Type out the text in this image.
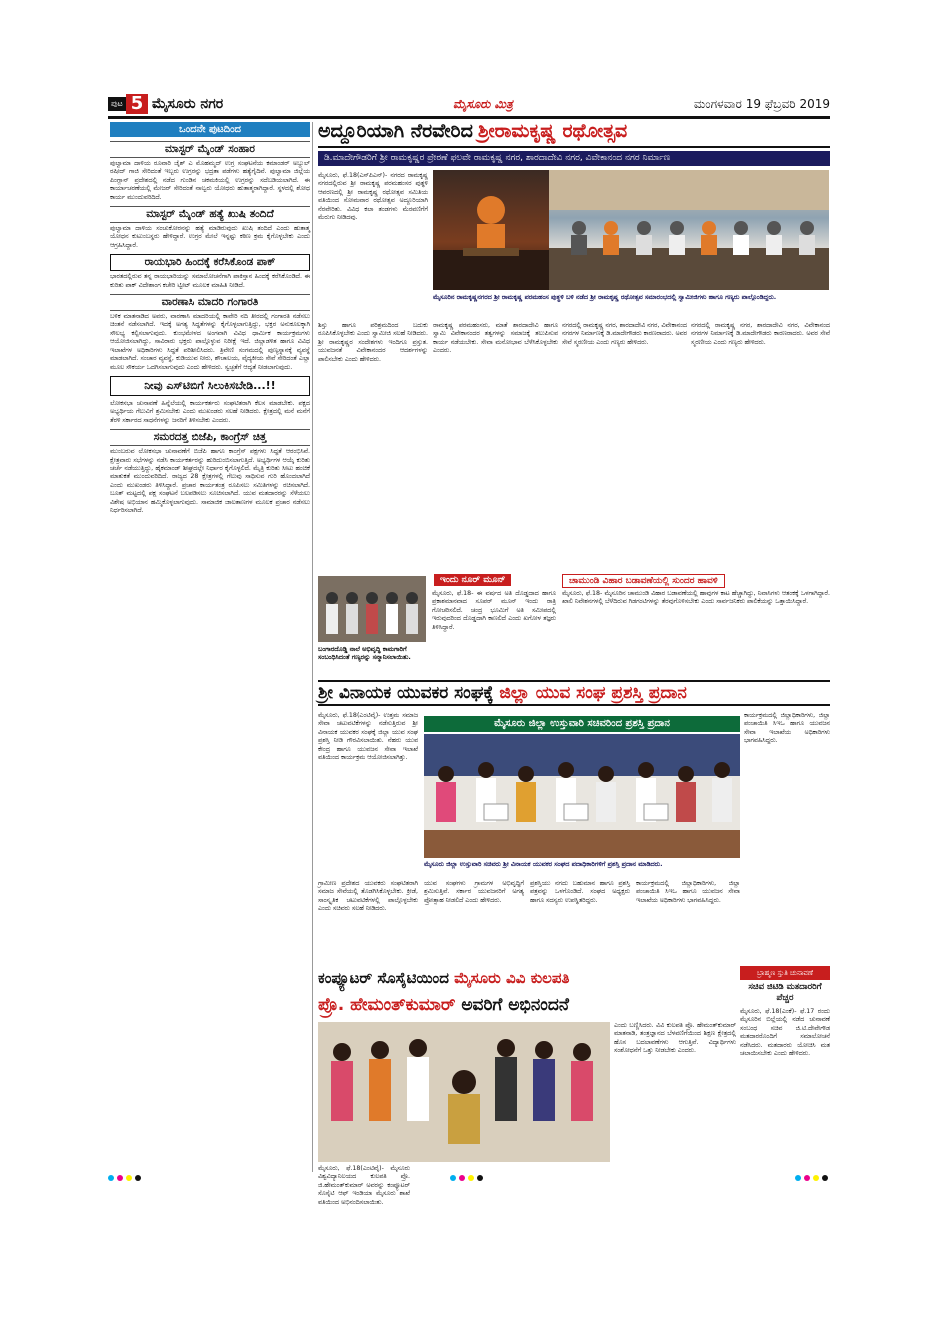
ಪುಟ 5 ಮೈಸೂರು ನಗರ	ಮೈಸೂರು ಮಿತ್ರ	ಮಂಗಳವಾರ 19 ಫೆಬ್ರವರಿ 2019
ಒಂದನೇ ಪುಟದಿಂದ
ಮಾಸ್ಟರ್ ಮೈಂಡ್ ಸಂಹಾರ

ಪುಲ್ವಾಮಾ ದಾಳಿಯ ರೂವಾರಿ ಜೈಶ್ ಎ ಮೊಹಮ್ಮದ್ ಉಗ್ರ ಸಂಘಟನೆಯ ಕಮಾಂಡರ್ ಅಬ್ದುಲ್ ರಷೀದ್ ಗಾಜಿ ಸೇರಿದಂತೆ ಇಬ್ಬರು ಉಗ್ರರನ್ನು ಭದ್ರತಾ ಪಡೆಗಳು ಹತ್ಯೆಗೈದಿವೆ. ಪುಲ್ವಾಮಾ ಜಿಲ್ಲೆಯ ಪಿಂಗ್ಲಾನ್ ಪ್ರದೇಶದಲ್ಲಿ ನಡೆದ ಗುಂಡಿನ ಚಕಮಕಿಯಲ್ಲಿ ಉಗ್ರರನ್ನು ಸದೆಬಡಿಯಲಾಗಿದೆ. ಈ ಕಾರ್ಯಾಚರಣೆಯಲ್ಲಿ ಮೇಜರ್ ಸೇರಿದಂತೆ ನಾಲ್ವರು ಯೋಧರು ಹುತಾತ್ಮರಾಗಿದ್ದಾರೆ. ಸ್ಥಳದಲ್ಲಿ ಶೋಧ ಕಾರ್ಯ ಮುಂದುವರಿದಿದೆ.

ಮಾಸ್ಟರ್ ಮೈಂಡ್ ಹತ್ಯೆ ಖುಷಿ ತಂದಿದೆ

ಪುಲ್ವಾಮಾ ದಾಳಿಯ ಸಂಚುಕೋರನನ್ನು ಹತ್ಯೆ ಮಾಡಿರುವುದು ಖುಷಿ ತಂದಿದೆ ಎಂದು ಹುತಾತ್ಮ ಯೋಧನ ಕುಟುಂಬಸ್ಥರು ಹೇಳಿದ್ದಾರೆ. ಉಗ್ರರ ಮೇಲೆ ಇನ್ನಷ್ಟು ಕಠಿಣ ಕ್ರಮ ಕೈಗೊಳ್ಳಬೇಕು ಎಂದು ಆಗ್ರಹಿಸಿದ್ದಾರೆ.

ರಾಯಭಾರಿ ಹಿಂದಕ್ಕೆ ಕರೆಸಿಕೊಂಡ ಪಾಕ್

ಭಾರತದಲ್ಲಿರುವ ತನ್ನ ರಾಯಭಾರಿಯನ್ನು ಸಮಾಲೋಚನೆಗಾಗಿ ಪಾಕಿಸ್ತಾನ ಹಿಂದಕ್ಕೆ ಕರೆಸಿಕೊಂಡಿದೆ. ಈ ಕುರಿತು ಪಾಕ್ ವಿದೇಶಾಂಗ ಕಚೇರಿ ಟ್ವೀಟ್ ಮೂಲಕ ಮಾಹಿತಿ ನೀಡಿದೆ.

ವಾರಣಾಸಿ ಮಾದರಿ ಗಂಗಾರತಿ

ಬಳಿಕ ಮಾತನಾಡಿದ ಅವರು, ವಾರಣಾಸಿ ಮಾದರಿಯಲ್ಲಿ ಕಾವೇರಿ ನದಿ ತೀರದಲ್ಲಿ ಗಂಗಾರತಿ ನಡೆಸಲು ಚಿಂತನೆ ನಡೆಸಲಾಗಿದೆ. ಇದಕ್ಕೆ ಅಗತ್ಯ ಸಿದ್ಧತೆಗಳನ್ನು ಕೈಗೊಳ್ಳಲಾಗುತ್ತಿದ್ದು, ಭಕ್ತರ ಅನುಕೂಲಕ್ಕಾಗಿ ಸೌಲಭ್ಯ ಕಲ್ಪಿಸಲಾಗುವುದು. ಕುಂಭಮೇಳದ ಅಂಗವಾಗಿ ವಿವಿಧ ಧಾರ್ಮಿಕ ಕಾರ್ಯಕ್ರಮಗಳು ಆಯೋಜಿಸಲಾಗಿದ್ದು, ಸಾವಿರಾರು ಭಕ್ತರು ಪಾಲ್ಗೊಳ್ಳುವ ನಿರೀಕ್ಷೆ ಇದೆ. ಜಿಲ್ಲಾಡಳಿತ ಹಾಗೂ ವಿವಿಧ ಇಲಾಖೆಗಳ ಅಧಿಕಾರಿಗಳು ಸಿದ್ಧತೆ ಪರಿಶೀಲಿಸಿದರು. ತ್ರಿವೇಣಿ ಸಂಗಮದಲ್ಲಿ ಪುಣ್ಯಸ್ನಾನಕ್ಕೆ ವ್ಯವಸ್ಥೆ ಮಾಡಲಾಗಿದೆ. ಸಂಚಾರ ವ್ಯವಸ್ಥೆ, ಕುಡಿಯುವ ನೀರು, ಶೌಚಾಲಯ, ವೈದ್ಯಕೀಯ ಸೇವೆ ಸೇರಿದಂತೆ ಎಲ್ಲಾ ಮೂಲ ಸೌಕರ್ಯ ಒದಗಿಸಲಾಗುವುದು ಎಂದು ಹೇಳಿದರು. ಸ್ವಚ್ಛತೆಗೆ ಆದ್ಯತೆ ನೀಡಲಾಗುವುದು.

ನೀವು ಎಸ್‌ಟಿಬಿಗೆ ಸಿಲುಕಿಸಬೇಡಿ...!!

ಲೋಕಸಭಾ ಚುನಾವಣೆ ಹಿನ್ನೆಲೆಯಲ್ಲಿ ಕಾರ್ಯಕರ್ತರು ಸಂಘಟಿತರಾಗಿ ಕೆಲಸ ಮಾಡಬೇಕು. ಪಕ್ಷದ ಅಭ್ಯರ್ಥಿಯ ಗೆಲುವಿಗೆ ಶ್ರಮಿಸಬೇಕು ಎಂದು ಮುಖಂಡರು ಸಲಹೆ ನೀಡಿದರು. ಕ್ಷೇತ್ರದಲ್ಲಿ ಮನೆ ಮನೆಗೆ ತೆರಳಿ ಸರ್ಕಾರದ ಸಾಧನೆಗಳನ್ನು ಜನರಿಗೆ ತಿಳಿಸಬೇಕು ಎಂದರು.

ಸಮರದತ್ತ ಬಿಜೆಪಿ, ಕಾಂಗ್ರೆಸ್ ಚಿತ್ತ

ಮುಂಬರುವ ಲೋಕಸಭಾ ಚುನಾವಣೆಗೆ ಬಿಜೆಪಿ ಹಾಗೂ ಕಾಂಗ್ರೆಸ್ ಪಕ್ಷಗಳು ಸಿದ್ಧತೆ ಆರಂಭಿಸಿವೆ. ಕ್ಷೇತ್ರವಾರು ಸಭೆಗಳನ್ನು ನಡೆಸಿ ಕಾರ್ಯಕರ್ತರನ್ನು ಹುರಿದುಂಬಿಸಲಾಗುತ್ತಿದೆ. ಅಭ್ಯರ್ಥಿಗಳ ಆಯ್ಕೆ ಕುರಿತು ಚರ್ಚೆ ನಡೆಯುತ್ತಿದ್ದು, ಹೈಕಮಾಂಡ್ ಶೀಘ್ರದಲ್ಲೇ ನಿರ್ಧಾರ ಕೈಗೊಳ್ಳಲಿದೆ. ಮೈತ್ರಿ ಕುರಿತು ಸೀಟು ಹಂಚಿಕೆ ಮಾತುಕತೆ ಮುಂದುವರಿದಿದೆ. ರಾಜ್ಯದ 28 ಕ್ಷೇತ್ರಗಳಲ್ಲಿ ಗೆಲುವು ಸಾಧಿಸುವ ಗುರಿ ಹೊಂದಲಾಗಿದೆ ಎಂದು ಮುಖಂಡರು ತಿಳಿಸಿದ್ದಾರೆ. ಪ್ರಚಾರ ಕಾರ್ಯತಂತ್ರ ರೂಪಿಸಲು ಸಮಿತಿಗಳನ್ನು ರಚಿಸಲಾಗಿದೆ. ಬೂತ್ ಮಟ್ಟದಲ್ಲಿ ಪಕ್ಷ ಸಂಘಟನೆ ಬಲಪಡಿಸಲು ಸೂಚಿಸಲಾಗಿದೆ. ಯುವ ಮತದಾರರನ್ನು ಸೆಳೆಯಲು ವಿಶೇಷ ಅಭಿಯಾನ ಹಮ್ಮಿಕೊಳ್ಳಲಾಗುವುದು. ಸಾಮಾಜಿಕ ಜಾಲತಾಣಗಳ ಮೂಲಕ ಪ್ರಚಾರ ನಡೆಸಲು ನಿರ್ಧರಿಸಲಾಗಿದೆ.

ಅದ್ದೂರಿಯಾಗಿ ನೆರವೇರಿದ ಶ್ರೀರಾಮಕೃಷ್ಣ ರಥೋತ್ಸವ
ಡಿ.ಮಾದೇಗೌಡರಿಗೆ ಶ್ರೀ ರಾಮಕೃಷ್ಣರ ಪ್ರೇರಣೆ ಫಲವೇ ರಾಮಕೃಷ್ಣ ನಗರ, ಶಾರದಾದೇವಿ ನಗರ, ವಿವೇಕಾನಂದ ನಗರ ನಿರ್ಮಾಣ
ಮೈಸೂರು, ಫೆ.18(ಎಸ್‌ಪಿಎನ್)- ನಗರದ ರಾಮಕೃಷ್ಣ ನಗರದಲ್ಲಿರುವ ಶ್ರೀ ರಾಮಕೃಷ್ಣ ಪರಮಹಂಸರ ಪುತ್ಥಳಿ ಆವರಣದಲ್ಲಿ ಶ್ರೀ ರಾಮಕೃಷ್ಣ ರಥೋತ್ಸವ ಸಮಿತಿಯ ವತಿಯಿಂದ ಸೋಮವಾರ ರಥೋತ್ಸವ ಅದ್ದೂರಿಯಾಗಿ ನೆರವೇರಿತು. ವಿವಿಧ ಕಲಾ ತಂಡಗಳು ಮೆರವಣಿಗೆಗೆ ಮೆರುಗು ನೀಡಿದವು.
ಮೈಸೂರಿನ ರಾಮಕೃಷ್ಣನಗರದ ಶ್ರೀ ರಾಮಕೃಷ್ಣ ಪರಮಹಂಸ ಪುತ್ಥಳಿ ಬಳಿ ನಡೆದ ಶ್ರೀ ರಾಮಕೃಷ್ಣ ರಥೋತ್ಸವ ಸಮಾರಂಭದಲ್ಲಿ ಸ್ವಾಮೀಜಿಗಳು ಹಾಗೂ ಗಣ್ಯರು ಪಾಲ್ಗೊಂಡಿದ್ದರು.
ಶಿಸ್ತು ಹಾಗೂ ಪರಿಶ್ರಮದಿಂದ ಬದುಕು ರೂಪಿಸಿಕೊಳ್ಳಬೇಕು ಎಂದು ಸ್ವಾಮೀಜಿ ಸಲಹೆ ನೀಡಿದರು. ಶ್ರೀ ರಾಮಕೃಷ್ಣರ ಸಂದೇಶಗಳು ಇಂದಿಗೂ ಪ್ರಸ್ತುತ. ಯುವಜನತೆ ವಿವೇಕಾನಂದರ ಆದರ್ಶಗಳನ್ನು ಪಾಲಿಸಬೇಕು ಎಂದು ಹೇಳಿದರು.
ರಾಮಕೃಷ್ಣ ಪರಮಹಂಸರು, ಮಾತೆ ಶಾರದಾದೇವಿ ಹಾಗೂ ಸ್ವಾಮಿ ವಿವೇಕಾನಂದರ ತತ್ವಗಳನ್ನು ಸಮಾಜಕ್ಕೆ ತಲುಪಿಸುವ ಕಾರ್ಯ ನಡೆಯಬೇಕು. ಸೇವಾ ಮನೋಭಾವ ಬೆಳೆಸಿಕೊಳ್ಳಬೇಕು ಎಂದರು.
ನಗರದಲ್ಲಿ ರಾಮಕೃಷ್ಣ ನಗರ, ಶಾರದಾದೇವಿ ನಗರ, ವಿವೇಕಾನಂದ ನಗರಗಳ ನಿರ್ಮಾಣಕ್ಕೆ ಡಿ.ಮಾದೇಗೌಡರು ಕಾರಣರಾದರು. ಅವರ ಸೇವೆ ಸ್ಮರಣೀಯ ಎಂದು ಗಣ್ಯರು ಹೇಳಿದರು.
ನಗರದಲ್ಲಿ ರಾಮಕೃಷ್ಣ ನಗರ, ಶಾರದಾದೇವಿ ನಗರ, ವಿವೇಕಾನಂದ ನಗರಗಳ ನಿರ್ಮಾಣಕ್ಕೆ ಡಿ.ಮಾದೇಗೌಡರು ಕಾರಣರಾದರು. ಅವರ ಸೇವೆ ಸ್ಮರಣೀಯ ಎಂದು ಗಣ್ಯರು ಹೇಳಿದರು.
ಬಂಗಾರದೊಡ್ಡಿ ನಾಲೆ ಅಭಿವೃದ್ಧಿ ಕಾಮಗಾರಿಗೆ ಸಂಬಂಧಿಸಿದಂತೆ ಗಣ್ಯರನ್ನು ಸನ್ಮಾನಿಸಲಾಯಿತು.
ಇಂದು ನೂರ್ ಮೂನ್
ಮೈಸೂರು, ಫೆ.18- ಈ ವರ್ಷದ ಅತಿ ದೊಡ್ಡದಾದ ಹಾಗೂ ಪ್ರಕಾಶಮಾನವಾದ ಸೂಪರ್ ಮೂನ್ ಇಂದು ರಾತ್ರಿ ಗೋಚರಿಸಲಿದೆ. ಚಂದ್ರ ಭೂಮಿಗೆ ಅತಿ ಸಮೀಪದಲ್ಲಿ ಇರುವುದರಿಂದ ದೊಡ್ಡದಾಗಿ ಕಾಣಲಿದೆ ಎಂದು ಖಗೋಳ ತಜ್ಞರು ತಿಳಿಸಿದ್ದಾರೆ.
ಚಾಮುಂಡಿ ವಿಹಾರ ಬಡಾವಣೆಯಲ್ಲಿ ಸುಂದರ ಹಾವಳಿ
ಮೈಸೂರು, ಫೆ.18- ಮೈಸೂರಿನ ಚಾಮುಂಡಿ ವಿಹಾರ ಬಡಾವಣೆಯಲ್ಲಿ ಹಾವುಗಳ ಕಾಟ ಹೆಚ್ಚಾಗಿದ್ದು, ನಿವಾಸಿಗಳು ಆತಂಕಕ್ಕೆ ಒಳಗಾಗಿದ್ದಾರೆ. ಖಾಲಿ ನಿವೇಶನಗಳಲ್ಲಿ ಬೆಳೆದಿರುವ ಗಿಡಗಂಟಿಗಳನ್ನು ತೆರವುಗೊಳಿಸಬೇಕು ಎಂದು ಸಾರ್ವಜನಿಕರು ಪಾಲಿಕೆಯನ್ನು ಒತ್ತಾಯಿಸಿದ್ದಾರೆ.
ಶ್ರೀ ವಿನಾಯಕ ಯುವಕರ ಸಂಘಕ್ಕೆ ಜಿಲ್ಲಾ ಯುವ ಸಂಘ ಪ್ರಶಸ್ತಿ ಪ್ರದಾನ
ಮೈಸೂರು, ಫೆ.18(ಎಂಟಿವೈ)- ಉತ್ತಮ ಸಮಾಜ ಸೇವಾ ಚಟುವಟಿಕೆಗಳನ್ನು ನಡೆಸುತ್ತಿರುವ ಶ್ರೀ ವಿನಾಯಕ ಯುವಕರ ಸಂಘಕ್ಕೆ ಜಿಲ್ಲಾ ಯುವ ಸಂಘ ಪ್ರಶಸ್ತಿ ನೀಡಿ ಗೌರವಿಸಲಾಯಿತು. ನೆಹರು ಯುವ ಕೇಂದ್ರ ಹಾಗೂ ಯುವಜನ ಸೇವಾ ಇಲಾಖೆ ವತಿಯಿಂದ ಕಾರ್ಯಕ್ರಮ ಆಯೋಜಿಸಲಾಗಿತ್ತು.
ಮೈಸೂರು ಜಿಲ್ಲಾ ಉಸ್ತುವಾರಿ ಸಚಿವರಿಂದ ಪ್ರಶಸ್ತಿ ಪ್ರದಾನ
ಮೈಸೂರು ಜಿಲ್ಲಾ ಉಸ್ತುವಾರಿ ಸಚಿವರು ಶ್ರೀ ವಿನಾಯಕ ಯುವಕರ ಸಂಘದ ಪದಾಧಿಕಾರಿಗಳಿಗೆ ಪ್ರಶಸ್ತಿ ಪ್ರದಾನ ಮಾಡಿದರು.
ಕಾರ್ಯಕ್ರಮದಲ್ಲಿ ಜಿಲ್ಲಾಧಿಕಾರಿಗಳು, ಜಿಲ್ಲಾ ಪಂಚಾಯಿತಿ ಸಿಇಒ ಹಾಗೂ ಯುವಜನ ಸೇವಾ ಇಲಾಖೆಯ ಅಧಿಕಾರಿಗಳು ಭಾಗವಹಿಸಿದ್ದರು.
ಗ್ರಾಮೀಣ ಪ್ರದೇಶದ ಯುವಕರು ಸಂಘಟಿತರಾಗಿ ಸಮಾಜ ಸೇವೆಯಲ್ಲಿ ತೊಡಗಿಸಿಕೊಳ್ಳಬೇಕು. ಕ್ರೀಡೆ, ಸಾಂಸ್ಕೃತಿಕ ಚಟುವಟಿಕೆಗಳಲ್ಲಿ ಪಾಲ್ಗೊಳ್ಳಬೇಕು ಎಂದು ಸಚಿವರು ಸಲಹೆ ನೀಡಿದರು.
ಯುವ ಸಂಘಗಳು ಗ್ರಾಮಗಳ ಅಭಿವೃದ್ಧಿಗೆ ಶ್ರಮಿಸುತ್ತಿವೆ. ಸರ್ಕಾರ ಯುವಜನರಿಗೆ ಅಗತ್ಯ ಪ್ರೋತ್ಸಾಹ ನೀಡಲಿದೆ ಎಂದು ಹೇಳಿದರು.
ಪ್ರಶಸ್ತಿಯು ನಗದು ಬಹುಮಾನ ಹಾಗೂ ಪ್ರಶಸ್ತಿ ಪತ್ರವನ್ನು ಒಳಗೊಂಡಿದೆ. ಸಂಘದ ಅಧ್ಯಕ್ಷರು ಹಾಗೂ ಸದಸ್ಯರು ಉಪಸ್ಥಿತರಿದ್ದರು.
ಕಾರ್ಯಕ್ರಮದಲ್ಲಿ ಜಿಲ್ಲಾಧಿಕಾರಿಗಳು, ಜಿಲ್ಲಾ ಪಂಚಾಯಿತಿ ಸಿಇಒ ಹಾಗೂ ಯುವಜನ ಸೇವಾ ಇಲಾಖೆಯ ಅಧಿಕಾರಿಗಳು ಭಾಗವಹಿಸಿದ್ದರು.
ಕಂಪ್ಯೂಟರ್ ಸೊಸೈಟಿಯಿಂದ ಮೈಸೂರು ವಿವಿ ಕುಲಪತಿ
ಪ್ರೊ. ಹೇಮಂತ್‌ಕುಮಾರ್ ಅವರಿಗೆ ಅಭಿನಂದನೆ
ಎಂದು ಬಣ್ಣಿಸಿದರು. ವಿವಿ ಕುಲಪತಿ ಪ್ರೊ. ಹೇಮಂತ್‌ಕುಮಾರ್ ಮಾತನಾಡಿ, ತಂತ್ರಜ್ಞಾನದ ಬೆಳವಣಿಗೆಯಿಂದ ಶಿಕ್ಷಣ ಕ್ಷೇತ್ರದಲ್ಲಿ ಹೊಸ ಬದಲಾವಣೆಗಳು ಆಗುತ್ತಿವೆ. ವಿದ್ಯಾರ್ಥಿಗಳು ಸಂಶೋಧನೆಗೆ ಒತ್ತು ನೀಡಬೇಕು ಎಂದರು.
ಮೈಸೂರು, ಫೆ.18(ಎಂಟಿವೈ)- ಮೈಸೂರು ವಿಶ್ವವಿದ್ಯಾನಿಲಯದ ಕುಲಪತಿ ಪ್ರೊ. ಜಿ.ಹೇಮಂತ್‌ಕುಮಾರ್ ಅವರನ್ನು ಕಂಪ್ಯೂಟರ್ ಸೊಸೈಟಿ ಆಫ್ ಇಂಡಿಯಾ ಮೈಸೂರು ಶಾಖೆ ವತಿಯಿಂದ ಅಭಿನಂದಿಸಲಾಯಿತು.
ಬ್ರಾಹ್ಮಣ ಸ್ತುತಿ ಚುನಾವಣೆ
ಸಚಿವ ಜಿಟಿಡಿ ಮತದಾರರಿಗೆ ಪೆಚ್ಚರ
ಮೈಸೂರು, ಫೆ.18(ಎಂಕೆ)- ಫೆ.17 ರಂದು ಮೈಸೂರಿನ ಬಿಲ್ಲೆಯಲ್ಲಿ ನಡೆದ ಚುನಾವಣೆ ಸಂಬಂಧ ಸಚಿವ ಜಿ.ಟಿ.ದೇವೇಗೌಡ ಮತದಾರರೊಂದಿಗೆ ಸಮಾಲೋಚನೆ ನಡೆಸಿದರು. ಮತದಾರರು ಯೋಚಿಸಿ ಮತ ಚಲಾಯಿಸಬೇಕು ಎಂದು ಹೇಳಿದರು.
